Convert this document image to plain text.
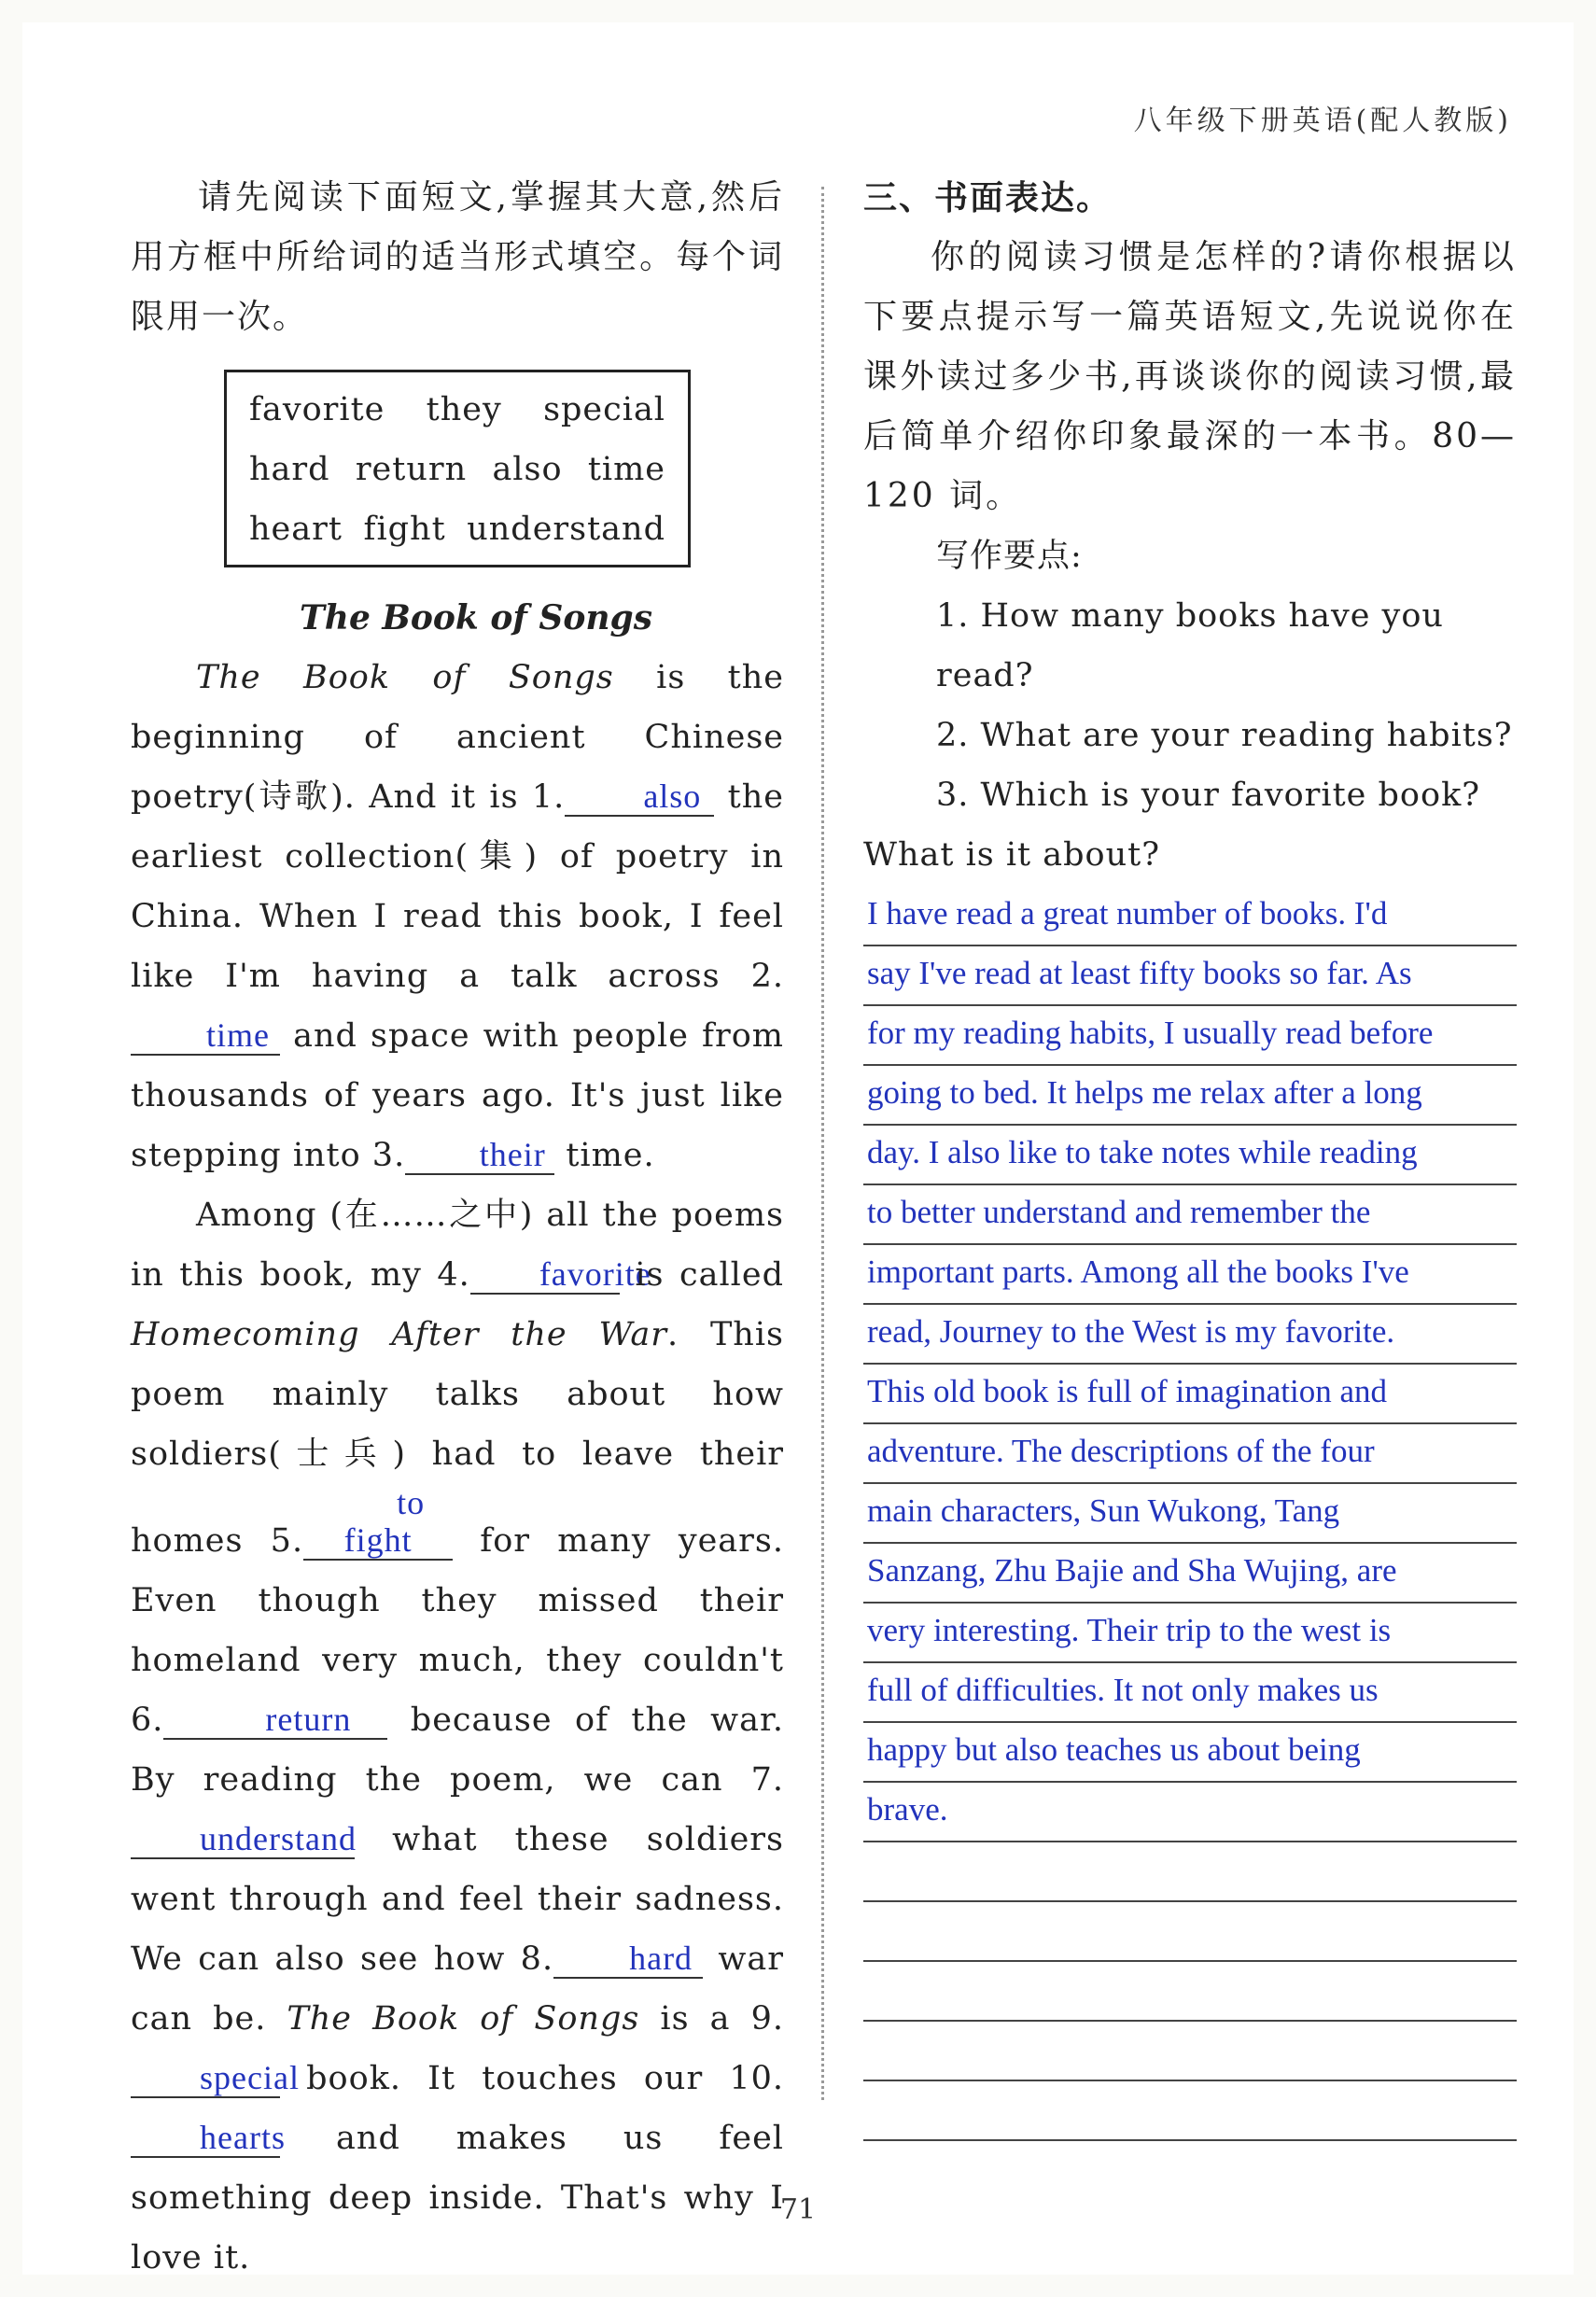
八年级下册英语(配人教版)
请先阅读下面短文,掌握其大意,然后用方框中所给词的适当形式填空。每个词限用一次。
favorite they special
hard return also time
heart fight understand
The Book of Songs

The Book of Songs is the beginning of ancient Chinese poetry(诗歌). And it is 1. also the earliest collection(集) of poetry in China. When I read this book, I feel like I'm having a talk across 2.time and space with people from thousands of years ago. It's just like stepping into 3. their time.

Among (在……之中) all the poems in this book, my 4. favorite is called Homecoming After the War. This poem mainly talks about how soldiers(士兵) had to leave their homes 5.to fight for many years. Even though they missed their homeland very much, they couldn't 6.	return because of the war. By reading the poem, we can 7.understand what these soldiers went through and feel their sadness. We can also see how 8. hard war can be. The Book of Songs is a 9.special book. It touches our 10.hearts and makes us feel something deep inside. That's why I love it.

三、书面表达。
你的阅读习惯是怎样的?请你根据以下要点提示写一篇英语短文,先说说你在课外读过多少书,再谈谈你的阅读习惯,最后简单介绍你印象最深的一本书。80—120 词。
写作要点:
1. How many books have you read?
2. What are your reading habits?
3. Which is your favorite book?
What is it about?
I have read a great number of books. I'd
say I've read at least fifty books so far. As
for my reading habits, I usually read before
going to bed. It helps me relax after a long
day. I also like to take notes while reading
to better understand and remember the
important parts. Among all the books I've
read, Journey to the West is my favorite.
This old book is full of imagination and
adventure. The descriptions of the four
main characters, Sun Wukong, Tang
Sanzang, Zhu Bajie and Sha Wujing, are
very interesting. Their trip to the west is
full of difficulties. It not only makes us
happy but also teaches us about being
brave.
71
